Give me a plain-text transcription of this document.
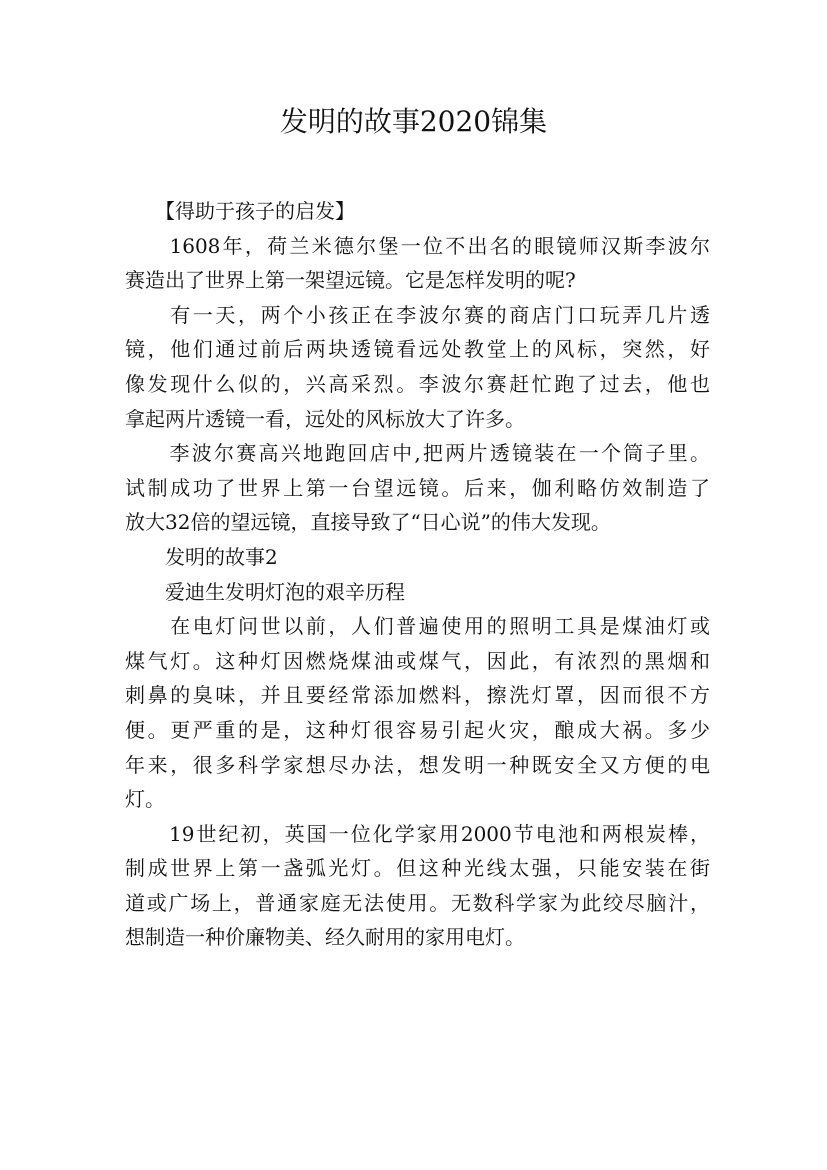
发明的故事2020锦集
　　【得助于孩子的启发】
　　1608年，荷兰米德尔堡一位不出名的眼镜师汉斯李波尔
赛造出了世界上第一架望远镜。它是怎样发明的呢?
　　有一天，两个小孩正在李波尔赛的商店门口玩弄几片透
镜，他们通过前后两块透镜看远处教堂上的风标，突然，好
像发现什么似的，兴高采烈。李波尔赛赶忙跑了过去，他也
拿起两片透镜一看，远处的风标放大了许多。
　　李波尔赛高兴地跑回店中,把两片透镜装在一个筒子里。
试制成功了世界上第一台望远镜。后来，伽利略仿效制造了
放大32倍的望远镜，直接导致了“日心说”的伟大发现。
　　发明的故事2
　　爱迪生发明灯泡的艰辛历程
　　在电灯问世以前，人们普遍使用的照明工具是煤油灯或
煤气灯。这种灯因燃烧煤油或煤气，因此，有浓烈的黑烟和
刺鼻的臭味，并且要经常添加燃料，擦洗灯罩，因而很不方
便。更严重的是，这种灯很容易引起火灾，酿成大祸。多少
年来，很多科学家想尽办法，想发明一种既安全又方便的电
灯。
　　19世纪初，英国一位化学家用2000节电池和两根炭棒，
制成世界上第一盏弧光灯。但这种光线太强，只能安装在街
道或广场上，普通家庭无法使用。无数科学家为此绞尽脑汁，
想制造一种价廉物美、经久耐用的家用电灯。
